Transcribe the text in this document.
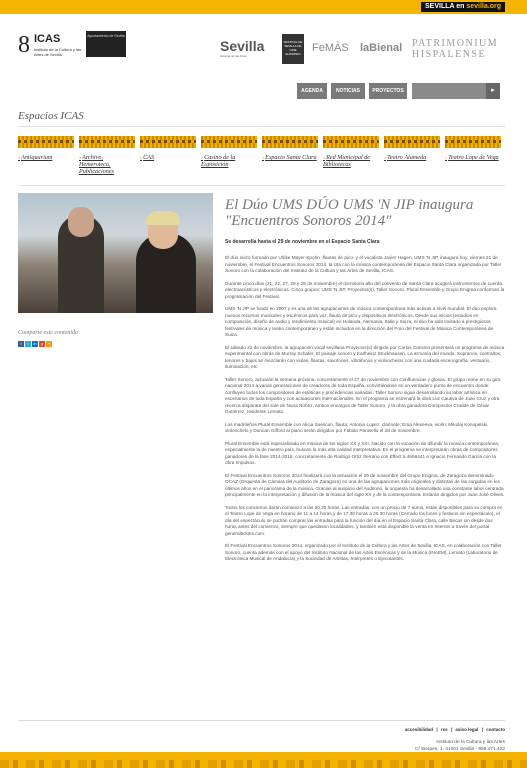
SEVILLA en sevilla.org
8 ICAS
Instituto de la Cultura y las Artes de Sevilla
Ayuntamiento de Sevilla
Sevilla
Historia de las Artes
FESTIVAL DE SEVILLA DE CINE EUROPEO	FeMÀS laBienal PATRIMONIUM
HISPALENSE
AGENDA	NOTICIAS	PROYECTOS	▸
Espacios ICAS
›Antiquarium	›Archivo, Hemeroteca, Publicaciones
›CAS	›Casino de la Exposición
›Espacio Santa Clara ›Red Municipal de Bibliotecas
›Teatro Alameda	›Teatro Lope de Vega
Comparte este contenido
f	t	in	g	+
El Dúo UMS DÚO UMS 'N JIP inaugura "Encuentros Sonoros 2014"
Se desarrolla hasta el 29 de noviembre en el Espacio Santa Clara

El dúo suizo formado por Ulrike Mayer-Spohn -flautas de pico- y el vocalista Javier Hagen, UMS 'N JIP, inaugura hoy, viernes 21 de noviembre, el Festival Encuentros Sonoros 2014, la cita con la música contemporánea del Espacio Santa Clara organizada por Taller Sonoro con la colaboración del Instituto de la Cultura y las Artes de Sevilla, ICAS.

Durante cinco días (21, 22, 27, 28 y 29 de noviembre) el dormitorio alto del convento de Santa Clara acogerá instrumentos de cuerda, electroacústicos y electrónicos. Cinco grupos: UMS 'N JIP, Proyectos(s), Taller Sonoro, Plural Ensemble y Grupo Enigma conforman la programación del Festival.

UMS 'N JIP se fundó en 2007 y es una de las agrupaciones de música contemporánea más activas a nivel mundial. El dúo explora nuevos recursos musicales y escénicos para voz, flauta de pico y dispositivos electrónicos. Desde sus inicios (estudios en composición, diseño de audio y rendimiento musical) en Holanda, Alemania, Italia y Suiza, el dúo ha sido invitado a prestigiosos festivales de música y teatro contemporáneo y están incluidos en la dirección del Foro del Festival de Música Contemporánea de Suiza.

El sábado 22 de noviembre, la agrupación vocal sevillana Proyectos(s) dirigida por Carlos Cansino presentará un programa de música experimental con obras de Murray Schafer, El paisaje sonoro y Karlheinz Stockhausen, La armonía del mundo. Sopranos, contraltos, tenores y bajos se mezclarán con violas, flautas, saxofones, vibráfonos y violonchelos con una cuidada escenografía, vestuario, iluminación, etc.

Taller Sonoro, actuarán la semana próxima, concretamente el 27 de noviembre con Confluencias y glosas. El grupo reúne en su gira nacional 2014 a varias generaciones de creadores de toda España, convirtiéndose en un verdadero punto de encuentro donde confluyen todos los compositores de estéticas y procedencias variadas. Taller Sonoro sigue desarrollando su labor artística en escenarios de toda España y con actuaciones internacionales. En el programa se estrenará la obra Luz Cautiva de Juan Cruz y otra recerca disparata del sole de Nuria Núñez, ambos encargos de Taller Sonoro, y la obra ganadora Compositor Cradde de César Gutiérrez, residente Lemato.

Los madrileños Plural Ensemble con Alicia Suescun, flauta; Antonio Lopez, clarinete; Ema Alexeeva, violín; Mikolaj Konopelski, violonchelo y Duncan Gifford al piano serán dirigidos por Fabián Panisello el 28 de noviembre.

Plural Ensemble está especializado en música de los siglos XX y XXI. Nacido con la vocación de difundir la música contemporánea, especialmente la de nuestro país, buscan la más alta calidad interpretativa. En el programa se interpretarán obras de compositores ganadores de la fase 2014-2015, concretamente de Rodrigo Ortiz Serrano con Effect 6.4656441 e Ignacio Fernando García con la obra Impulsos.

El Festival Encuentros Sonoros 2014 finalizará con la actuación el 29 de noviembre del Grupo Enigma, de Zaragoza denominado OCAZ (Orquesta de Cámara del Auditorio de Zaragoza) es una de las agrupaciones más originales y distintas de las surgidas en los últimos años en el panorama de la música. Gracias al auspicio del Auditorio, la orquesta ha desarrollado una constante labor centrada principalmente en la interpretación y difusión de la música del siglo XX y de la contemporánea. Estarán dirigidos por Juan José Olives.

Todos los conciertos darán comienzo a las 20.30 horas. Las entradas, con un precio de 7 euros, están disponibles para su compra en el Teatro Lope de Vega en horario de 11 a 14 horas y de 17.30 horas a 20.30 horas (Cerrado los lunes y festivos sin espectáculo), el día del espectáculo se podrán comprar las entradas para la función del día en el Espacio Santa Clara, calle Becas sin desde dos horas antes del comienzo, siempre que quedasen localidades, y también está disponible la venta en Internet a través del portal generaltickets.com.

El Festival Encuentros Sonoros 2014, organizado por el Instituto de la Cultura y las Artes de Sevilla, ICAS, en colaboración con Taller Sonoro, cuenta además con el apoyo del Instituto Nacional de las Artes Escénicas y de la Música (INAEM), Lemato (Laboratorio de Electrónica Musical de Andalucía) y la Sociedad de Artistas, Intérpretes o Ejecutantes.

accesibilidad | rss | aviso legal | contacto
Instituto de la Cultura y las Artes
C/ Sierpes, 1. 41001 Sevilla · 955.471.422
